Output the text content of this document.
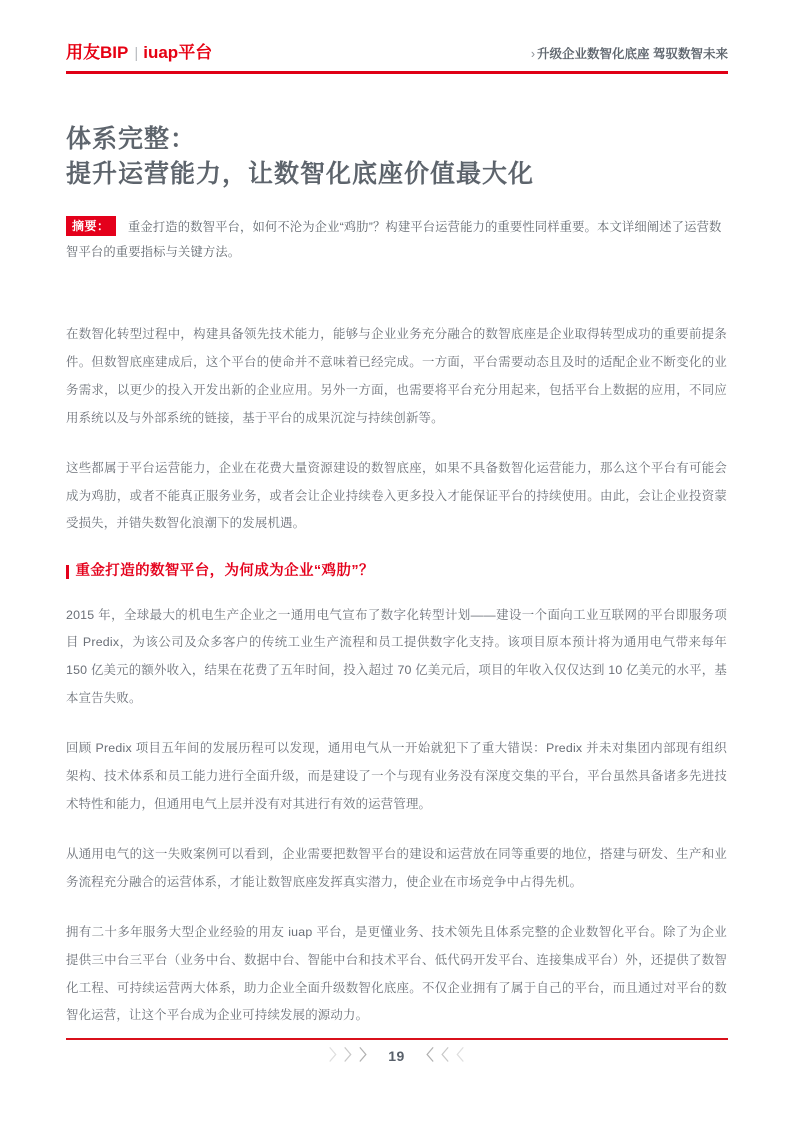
用友BIP | iuap平台	› 升级企业数智化底座 驾驭数智未来
体系完整：
提升运营能力，让数智化底座价值最大化
摘要： 重金打造的数智平台，如何不沦为企业“鸡肋”？构建平台运营能力的重要性同样重要。本文详细阐述了运营数智平台的重要指标与关键方法。

在数智化转型过程中，构建具备领先技术能力，能够与企业业务充分融合的数智底座是企业取得转型成功的重要前提条件。但数智底座建成后，这个平台的使命并不意味着已经完成。一方面，平台需要动态且及时的适配企业不断变化的业务需求，以更少的投入开发出新的企业应用。另外一方面，也需要将平台充分用起来，包括平台上数据的应用，不同应用系统以及与外部系统的链接，基于平台的成果沉淀与持续创新等。

这些都属于平台运营能力，企业在花费大量资源建设的数智底座，如果不具备数智化运营能力，那么这个平台有可能会成为鸡肋，或者不能真正服务业务，或者会让企业持续卷入更多投入才能保证平台的持续使用。由此，会让企业投资蒙受损失，并错失数智化浪潮下的发展机遇。

重金打造的数智平台，为何成为企业“鸡肋”？

2015 年，全球最大的机电生产企业之一通用电气宣布了数字化转型计划——建设一个面向工业互联网的平台即服务项目 Predix，为该公司及众多客户的传统工业生产流程和员工提供数字化支持。该项目原本预计将为通用电气带来每年 150 亿美元的额外收入，结果在花费了五年时间，投入超过 70 亿美元后，项目的年收入仅仅达到 10 亿美元的水平，基本宣告失败。

回顾 Predix 项目五年间的发展历程可以发现，通用电气从一开始就犯下了重大错误：Predix 并未对集团内部现有组织架构、技术体系和员工能力进行全面升级，而是建设了一个与现有业务没有深度交集的平台，平台虽然具备诸多先进技术特性和能力，但通用电气上层并没有对其进行有效的运营管理。

从通用电气的这一失败案例可以看到，企业需要把数智平台的建设和运营放在同等重要的地位，搭建与研发、生产和业务流程充分融合的运营体系，才能让数智底座发挥真实潜力，使企业在市场竞争中占得先机。

拥有二十多年服务大型企业经验的用友 iuap 平台，是更懂业务、技术领先且体系完整的企业数智化平台。除了为企业提供三中台三平台（业务中台、数据中台、智能中台和技术平台、低代码开发平台、连接集成平台）外，还提供了数智化工程、可持续运营两大体系，助力企业全面升级数智化底座。不仅企业拥有了属于自己的平台，而且通过对平台的数智化运营，让这个平台成为企业可持续发展的源动力。

〉 〉 〉 19 〈 〈 〈
